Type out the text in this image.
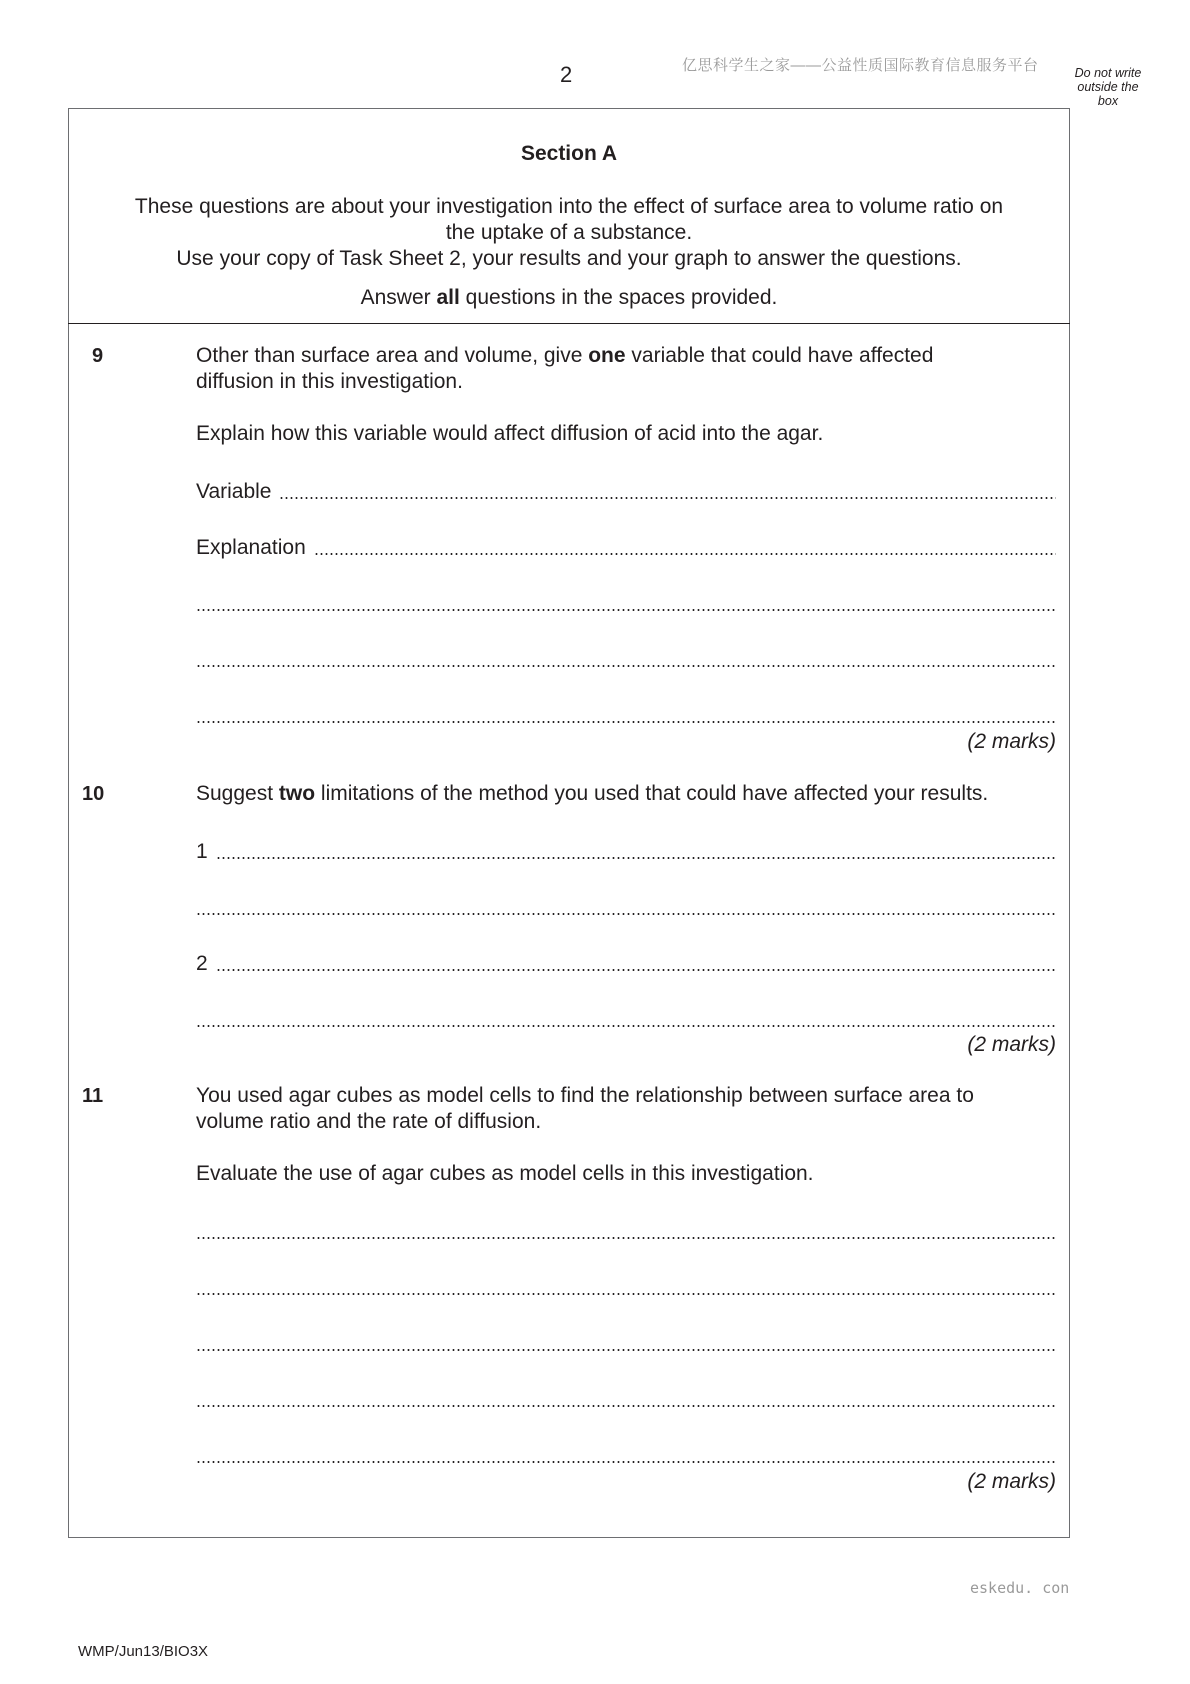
2	亿思科学生之家——公益性质国际教育信息服务平台	Do not write outside the box
Section A
These questions are about your investigation into the effect of surface area to volume ratio on
the uptake of a substance.
Use your copy of Task Sheet 2, your results and your graph to answer the questions.
Answer all questions in the spaces provided.
9	Other than surface area and volume, give one variable that could have affected
diffusion in this investigation.
Explain how this variable would affect diffusion of acid into the agar.
Variable
Explanation
(2 marks)
10	Suggest two limitations of the method you used that could have affected your results.
1
2
(2 marks)
11	You used agar cubes as model cells to find the relationship between surface area to
volume ratio and the rate of diffusion.
Evaluate the use of agar cubes as model cells in this investigation.
(2 marks)
eskedu. con
WMP/Jun13/BIO3X
